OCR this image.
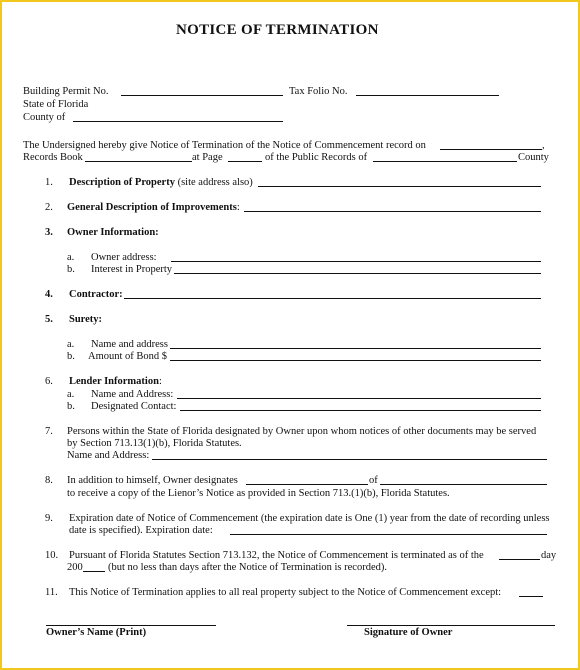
NOTICE OF TERMINATION
Building Permit No.	Tax Folio No.
State of Florida
County of
The Undersigned hereby give Notice of Termination of the Notice of Commencement record on	,
Records Book	at Page	of the Public Records of	County
1. Description of Property (site address also)
2. General Description of Improvements:
3. Owner Information:
a. Owner address:
b. Interest in Property
4. Contractor:
5. Surety:
a. Name and address
b. Amount of Bond $
6. Lender Information:
a. Name and Address:
b. Designated Contact:
7. Persons within the State of Florida designated by Owner upon whom notices of other documents may be served
by Section 713.13(1)(b), Florida Statutes.
Name and Address:
8. In addition to himself, Owner designates	of
to receive a copy of the Lienor’s Notice as provided in Section 713.(1)(b), Florida Statutes.
9. Expiration date of Notice of Commencement (the expiration date is One (1) year from the date of recording unless
date is specified). Expiration date:
10. Pursuant of Florida Statutes Section 713.132, the Notice of Commencement is terminated as of the	day
200 (but no less than days after the Notice of Termination is recorded).
11. This Notice of Termination applies to all real property subject to the Notice of Commencement except:
Owner’s Name (Print)	Signature of Owner
